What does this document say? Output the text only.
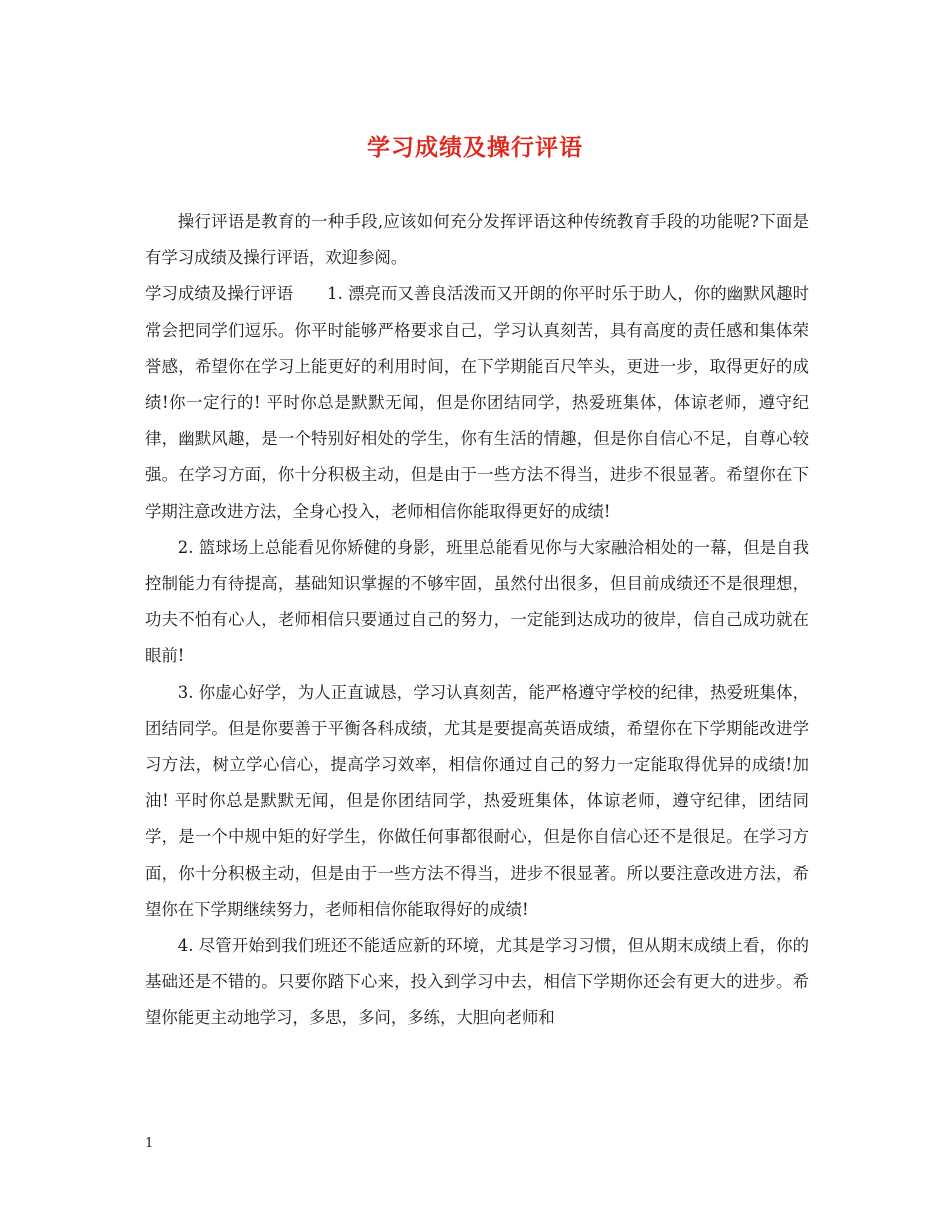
学习成绩及操行评语

操行评语是教育的一种手段,应该如何充分发挥评语这种传统教育手段的功能呢?下面是有学习成绩及操行评语，欢迎参阅。

学习成绩及操行评语 1. 漂亮而又善良活泼而又开朗的你平时乐于助人，你的幽默风趣时常会把同学们逗乐。你平时能够严格要求自己，学习认真刻苦，具有高度的责任感和集体荣誉感，希望你在学习上能更好的利用时间，在下学期能百尺竿头，更进一步，取得更好的成绩!你一定行的! 平时你总是默默无闻，但是你团结同学，热爱班集体，体谅老师，遵守纪律，幽默风趣，是一个特别好相处的学生，你有生活的情趣，但是你自信心不足，自尊心较强。在学习方面，你十分积极主动，但是由于一些方法不得当，进步不很显著。希望你在下学期注意改进方法，全身心投入，老师相信你能取得更好的成绩!

2. 篮球场上总能看见你矫健的身影，班里总能看见你与大家融洽相处的一幕，但是自我控制能力有待提高，基础知识掌握的不够牢固，虽然付出很多，但目前成绩还不是很理想，功夫不怕有心人，老师相信只要通过自己的努力，一定能到达成功的彼岸，信自己成功就在眼前!

3. 你虚心好学，为人正直诚恳，学习认真刻苦，能严格遵守学校的纪律，热爱班集体，团结同学。但是你要善于平衡各科成绩，尤其是要提高英语成绩，希望你在下学期能改进学习方法，树立学心信心，提高学习效率，相信你通过自己的努力一定能取得优异的成绩!加油! 平时你总是默默无闻，但是你团结同学，热爱班集体，体谅老师，遵守纪律，团结同学，是一个中规中矩的好学生，你做任何事都很耐心，但是你自信心还不是很足。在学习方面，你十分积极主动，但是由于一些方法不得当，进步不很显著。所以要注意改进方法，希望你在下学期继续努力，老师相信你能取得好的成绩!

4. 尽管开始到我们班还不能适应新的环境，尤其是学习习惯，但从期末成绩上看，你的基础还是不错的。只要你踏下心来，投入到学习中去，相信下学期你还会有更大的进步。希望你能更主动地学习，多思，多问，多练，大胆向老师和

1
